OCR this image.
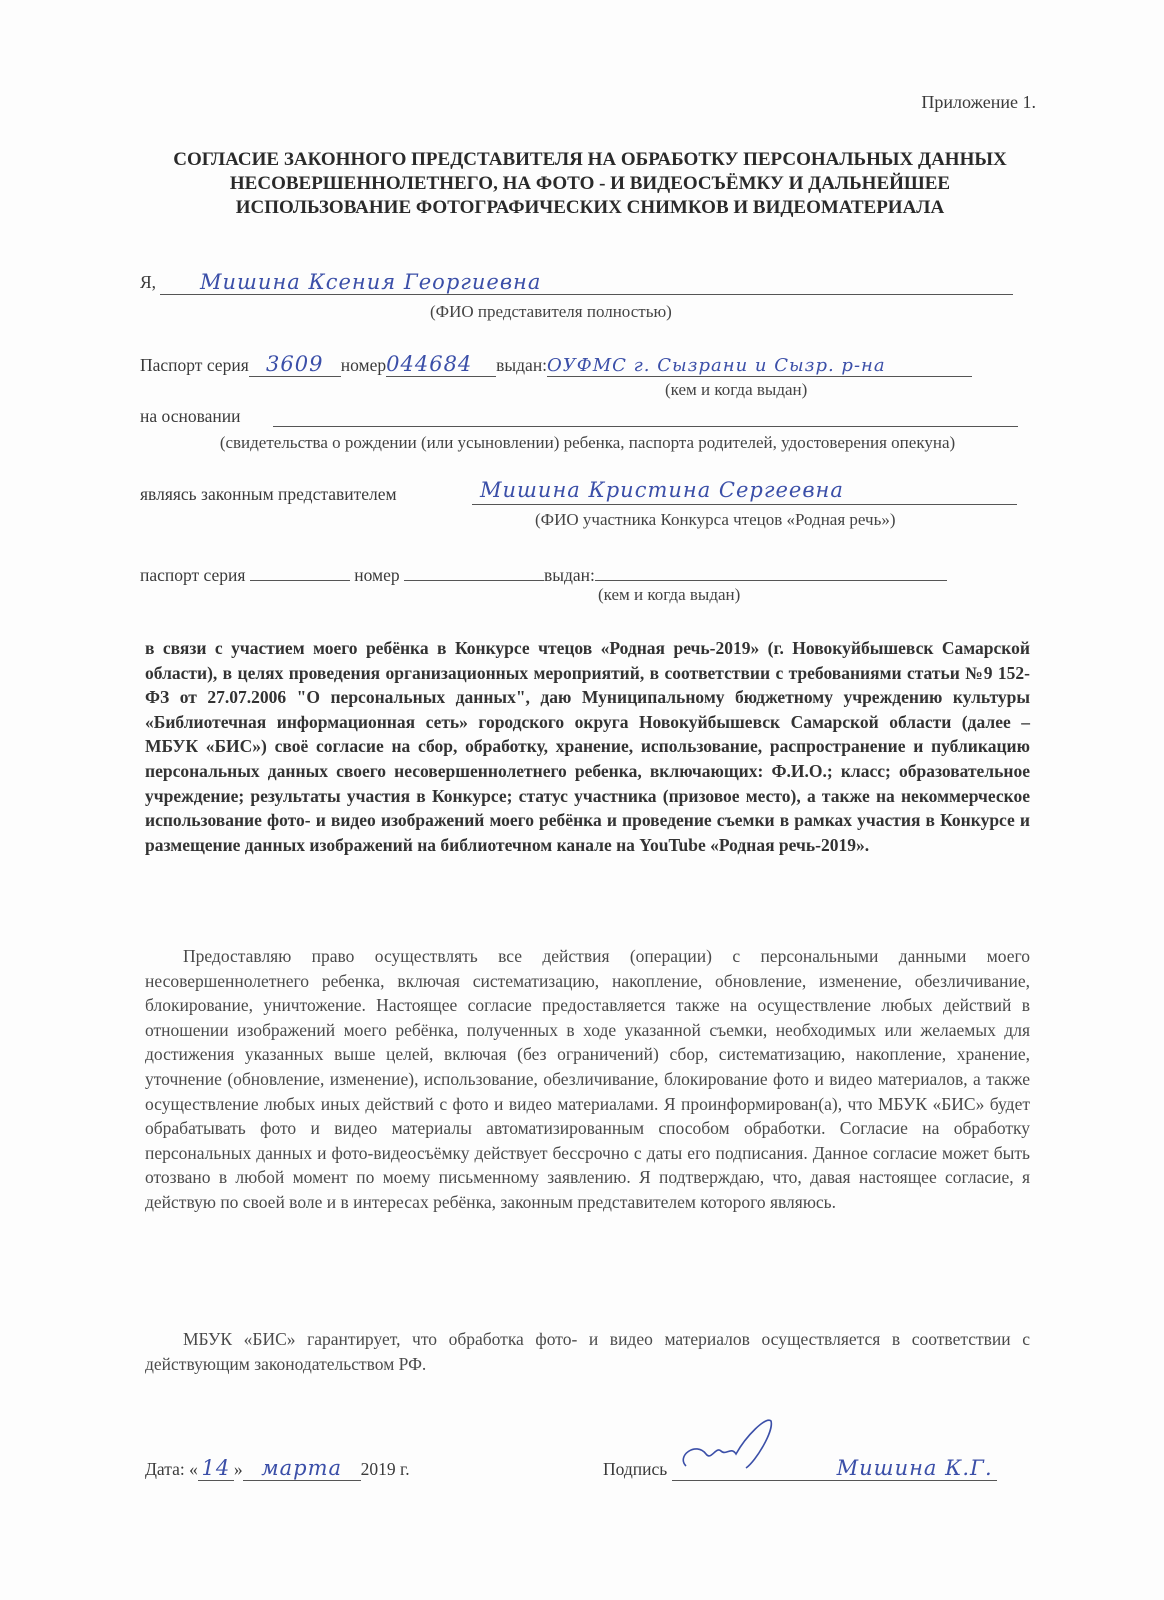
Приложение 1.
СОГЛАСИЕ ЗАКОННОГО ПРЕДСТАВИТЕЛЯ НА ОБРАБОТКУ ПЕРСОНАЛЬНЫХ ДАННЫХ НЕСОВЕРШЕННОЛЕТНЕГО, НА ФОТО - И ВИДЕОСЪЁМКУ И ДАЛЬНЕЙШЕЕ ИСПОЛЬЗОВАНИЕ ФОТОГРАФИЧЕСКИХ СНИМКОВ И ВИДЕОМАТЕРИАЛА
Я,	Мишина Ксения Георгиевна
(ФИО представителя полностью)
Паспорт серия 3609 номер044684 выдан:ОУФМС г. Сызрани и Сызр. р-на
(кем и когда выдан)
на основании
(свидетельства о рождении (или усыновлении) ребенка, паспорта родителей, удостоверения опекуна)
являясь законным представителем	Мишина Кристина Сергеевна
(ФИО участника Конкурса чтецов «Родная речь»)
паспорт серия	номер	выдан:
(кем и когда выдан)
в связи с участием моего ребёнка в Конкурсе чтецов «Родная речь-2019» (г. Новокуйбышевск Самарской области), в целях проведения организационных мероприятий, в соответствии с требованиями статьи №9 152-ФЗ от 27.07.2006 "О персональных данных", даю Муниципальному бюджетному учреждению культуры «Библиотечная информационная сеть» городского округа Новокуйбышевск Самарской области (далее – МБУК «БИС») своё согласие на сбор, обработку, хранение, использование, распространение и публикацию персональных данных своего несовершеннолетнего ребенка, включающих: Ф.И.О.; класс; образовательное учреждение; результаты участия в Конкурсе; статус участника (призовое место), а также на некоммерческое использование фото- и видео изображений моего ребёнка и проведение съемки в рамках участия в Конкурсе и размещение данных изображений на библиотечном канале на YouTube «Родная речь-2019».
Предоставляю право осуществлять все действия (операции) с персональными данными моего несовершеннолетнего ребенка, включая систематизацию, накопление, обновление, изменение, обезличивание, блокирование, уничтожение. Настоящее согласие предоставляется также на осуществление любых действий в отношении изображений моего ребёнка, полученных в ходе указанной съемки, необходимых или желаемых для достижения указанных выше целей, включая (без ограничений) сбор, систематизацию, накопление, хранение, уточнение (обновление, изменение), использование, обезличивание, блокирование фото и видео материалов, а также осуществление любых иных действий с фото и видео материалами. Я проинформирован(а), что МБУК «БИС» будет обрабатывать фото и видео материалы автоматизированным способом обработки. Согласие на обработку персональных данных и фото-видеосъёмку действует бессрочно с даты его подписания. Данное согласие может быть отозвано в любой момент по моему письменному заявлению. Я подтверждаю, что, давая настоящее согласие, я действую по своей воле и в интересах ребёнка, законным представителем которого являюсь.
МБУК «БИС» гарантирует, что обработка фото- и видео материалов осуществляется в соответствии с действующим законодательством РФ.
Дата: « 14 » марта 2019 г.	Подпись	Мишина К.Г.
